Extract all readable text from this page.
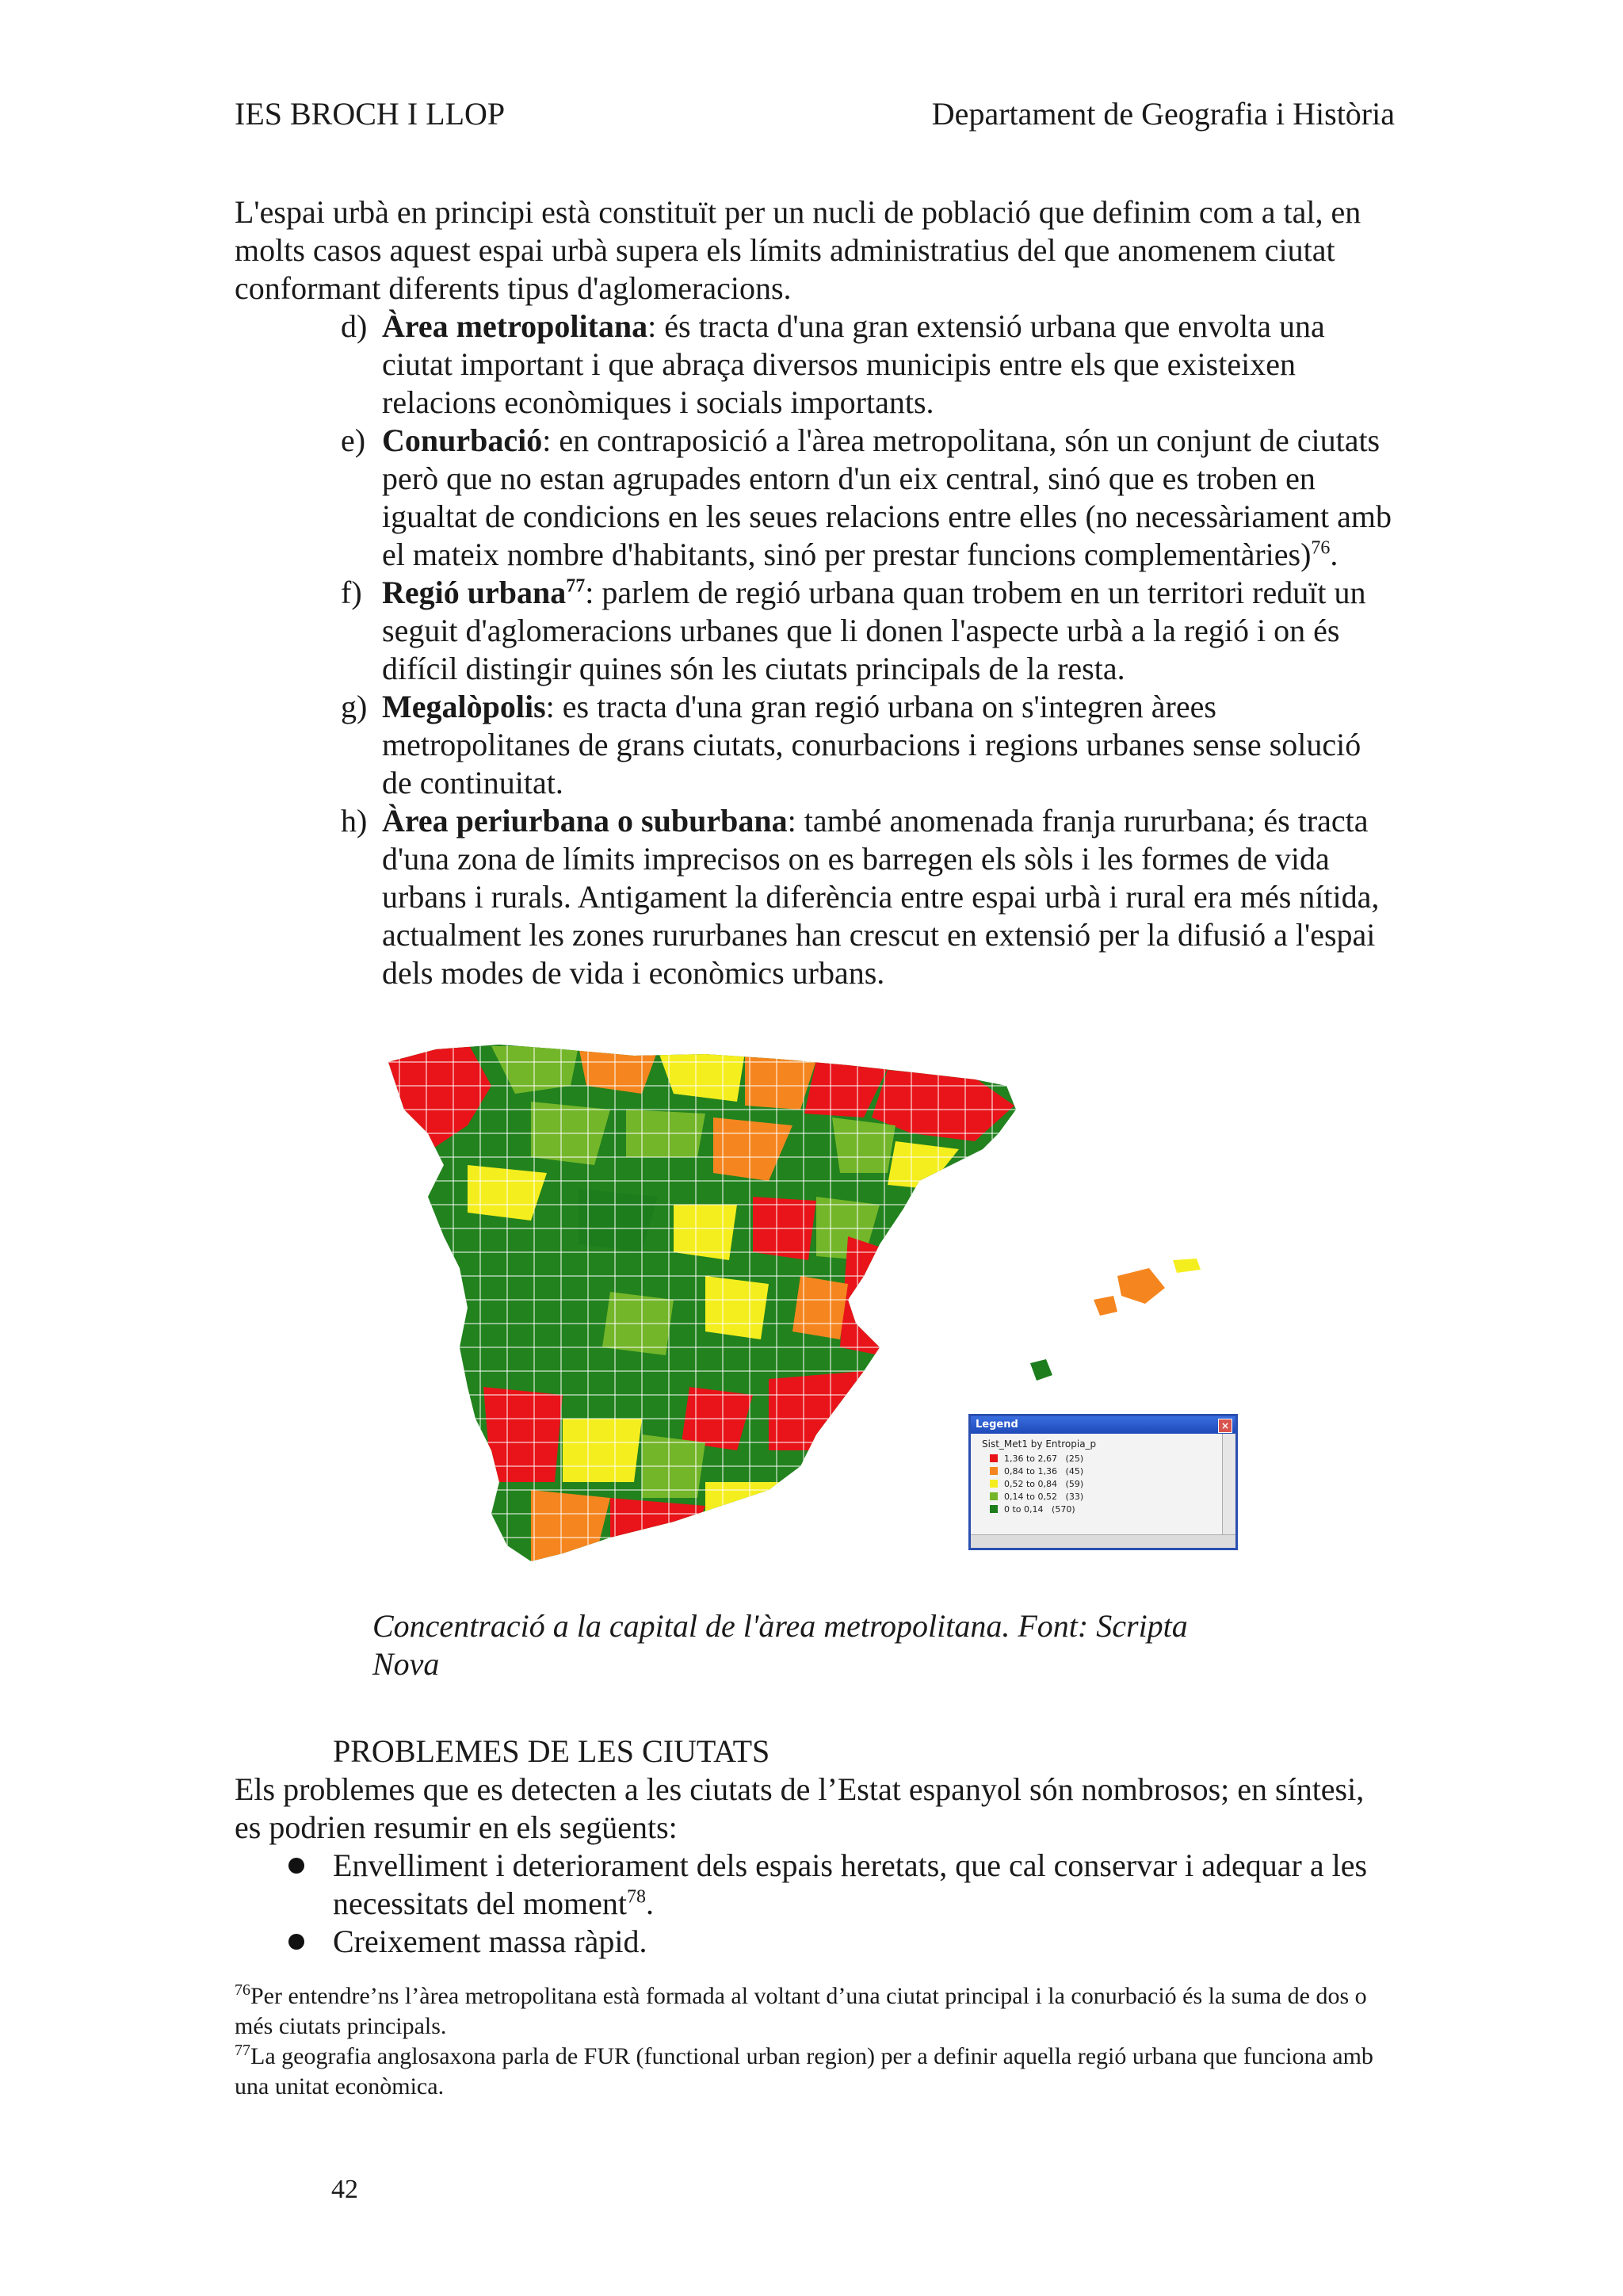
IES BROCH I LLOP	Departament de Geografia i Història

L'espai urbà en principi està constituït per un nucli de població que definim com a tal, en molts casos aquest espai urbà supera els límits administratius del que anomenem ciutat conformant diferents tipus d'aglomeracions.

d) Àrea metropolitana: és tracta d'una gran extensió urbana que envolta una ciutat important i que abraça diversos municipis entre els que existeixen relacions econòmiques i socials importants.

e) Conurbació: en contraposició a l'àrea metropolitana, són un conjunt de ciutats però que no estan agrupades entorn d'un eix central, sinó que es troben en igualtat de condicions en les seues relacions entre elles (no necessàriament amb el mateix nombre d'habitants, sinó per prestar funcions complementàries)$^{76}$.

f) Regió urbana$^{77}$: parlem de regió urbana quan trobem en un territori reduït un seguit d'aglomeracions urbanes que li donen l'aspecte urbà a la regió i on és difícil distingir quines són les ciutats principals de la resta.

g) Megalòpolis: es tracta d'una gran regió urbana on s'integren àrees metropolitanes de grans ciutats, conurbacions i regions urbanes sense solució de continuitat.

h) Àrea periurbana o suburbana: també anomenada franja rururbana; és tracta d'una zona de límits imprecisos on es barregen els sòls i les formes de vida urbans i rurals. Antigament la diferència entre espai urbà i rural era més nítida, actualment les zones rururbanes han crescut en extensió per la difusió a l'espai dels modes de vida i econòmics urbans.

Legend	×
Sist_Met1 by Entropia_p
1,36 to 2,67 (25)
0,84 to 1,36 (45)
0,52 to 0,84 (59)
0,14 to 0,52 (33)
0 to 0,14 (570)
Concentració a la capital de l'àrea metropolitana. Font: Scripta Nova
PROBLEMES DE LES CIUTATS

Els problemes que es detecten a les ciutats de l’Estat espanyol són nombrosos; en síntesi, es podrien resumir en els següents:

Envelliment i deteriorament dels espais heretats, que cal conservar i adequar a les necessitats del moment$^{78}$.
Creixement massa ràpid.

$^{76}$Per entendre’ns l’àrea metropolitana està formada al voltant d’una ciutat principal i la conurbació és la suma de dos o més ciutats principals.

$^{77}$La geografia anglosaxona parla de FUR (functional urban region) per a definir aquella regió urbana que funciona amb una unitat econòmica.

42
